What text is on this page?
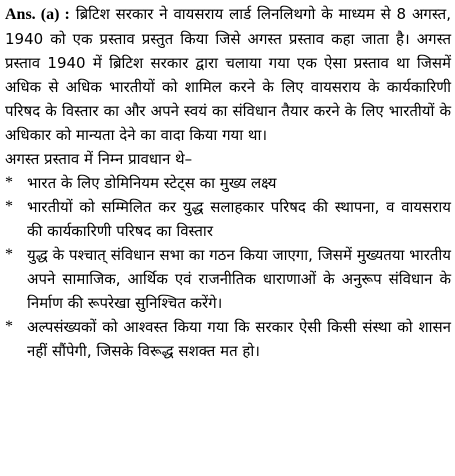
Ans. (a) : ब्रिटिश सरकार ने वायसराय लार्ड लिनलिथगो के माध्यम से 8 अगस्त, 1940 को एक प्रस्ताव प्रस्तुत किया जिसे अगस्त प्रस्ताव कहा जाता है। अगस्त प्रस्ताव 1940 में ब्रिटिश सरकार द्वारा चलाया गया एक ऐसा प्रस्ताव था जिसमें अधिक से अधिक भारतीयों को शामिल करने के लिए वायसराय के कार्यकारिणी परिषद के विस्तार का और अपने स्वयं का संविधान तैयार करने के लिए भारतीयों के अधिकार को मान्यता देने का वादा किया गया था।

अगस्त प्रस्ताव में निम्न प्रावधान थे–

* भारत के लिए डोमिनियम स्टेट्स का मुख्य लक्ष्य
* भारतीयों को सम्मिलित कर युद्ध सलाहकार परिषद की स्थापना, व वायसराय की कार्यकारिणी परिषद का विस्तार
* युद्ध के पश्चात् संविधान सभा का गठन किया जाएगा, जिसमें मुख्यतया भारतीय अपने सामाजिक, आर्थिक एवं राजनीतिक धाराणाओं के अनुरूप संविधान के निर्माण की रूपरेखा सुनिश्चित करेंगे।
* अल्पसंख्यकों को आश्वस्त किया गया कि सरकार ऐसी किसी संस्था को शासन नहीं सौंपेगी, जिसके विरूद्ध सशक्त मत हो।
